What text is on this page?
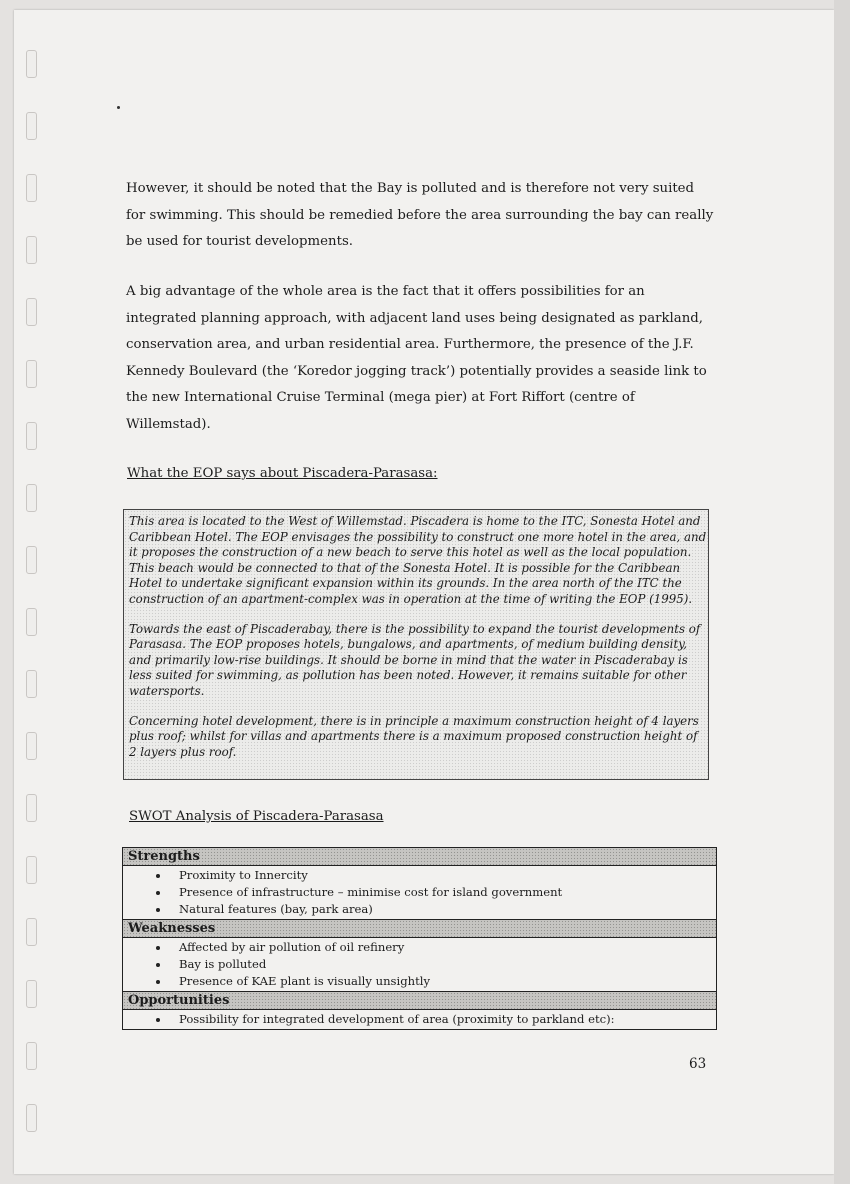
However, it should be noted that the Bay is polluted and is therefore not very suited for swimming. This should be remedied before the area surrounding the bay can really be used for tourist developments.

A big advantage of the whole area is the fact that it offers possibilities for an integrated planning approach, with adjacent land uses being designated as parkland, conservation area, and urban residential area. Furthermore, the presence of the J.F. Kennedy Boulevard (the ‘Koredor jogging track’) potentially provides a seaside link to the new International Cruise Terminal (mega pier) at Fort Riffort (centre of Willemstad).

What the EOP says about Piscadera-Parasasa:

This area is located to the West of Willemstad. Piscadera is home to the ITC, Sonesta Hotel and Caribbean Hotel. The EOP envisages the possibility to construct one more hotel in the area, and it proposes the construction of a new beach to serve this hotel as well as the local population. This beach would be connected to that of the Sonesta Hotel. It is possible for the Caribbean Hotel to undertake significant expansion within its grounds. In the area north of the ITC the construction of an apartment-complex was in operation at the time of writing the EOP (1995).

Towards the east of Piscaderabay, there is the possibility to expand the tourist developments of Parasasa. The EOP proposes hotels, bungalows, and apartments, of medium building density, and primarily low-rise buildings. It should be borne in mind that the water in Piscaderabay is less suited for swimming, as pollution has been noted. However, it remains suitable for other watersports.

Concerning hotel development, there is in principle a maximum construction height of 4 layers plus roof; whilst for villas and apartments there is a maximum proposed construction height of 2 layers plus roof.

SWOT Analysis of Piscadera-Parasasa

Strengths
Proximity to Innercity
Presence of infrastructure – minimise cost for island government
Natural features (bay, park area)
Weaknesses
Affected by air pollution of oil refinery
Bay is polluted
Presence of KAE plant is visually unsightly
Opportunities
Possibility for integrated development of area (proximity to parkland etc):
63
